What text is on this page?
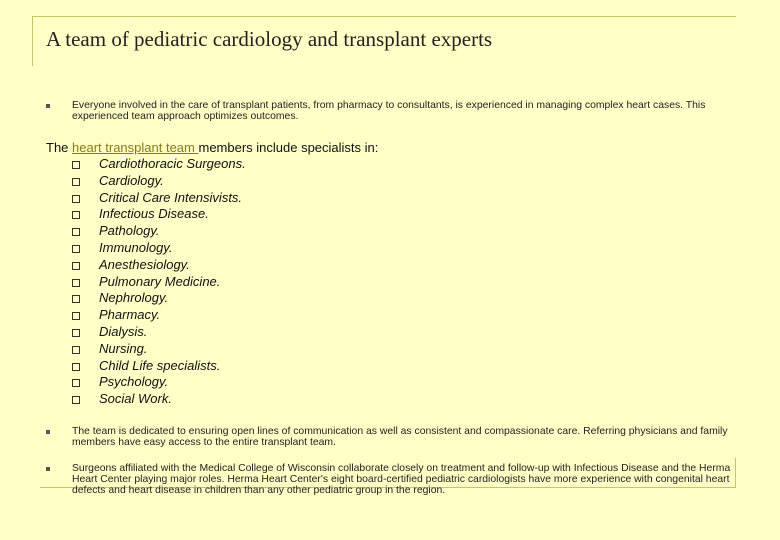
A team of pediatric cardiology and transplant experts

Everyone involved in the care of transplant patients, from pharmacy to consultants, is experienced in managing complex heart cases. This experienced team approach optimizes outcomes.

The heart transplant team members include specialists in:

Cardiothoracic Surgeons.
Cardiology.
Critical Care Intensivists.
Infectious Disease.
Pathology.
Immunology.
Anesthesiology.
Pulmonary Medicine.
Nephrology.
Pharmacy.
Dialysis.
Nursing.
Child Life specialists.
Psychology.
Social Work.

The team is dedicated to ensuring open lines of communication as well as consistent and compassionate care. Referring physicians and family members have easy access to the entire transplant team.

Surgeons affiliated with the Medical College of Wisconsin collaborate closely on treatment and follow-up with Infectious Disease and the Herma Heart Center playing major roles. Herma Heart Center's eight board-certified pediatric cardiologists have more experience with congenital heart defects and heart disease in children than any other pediatric group in the region.
